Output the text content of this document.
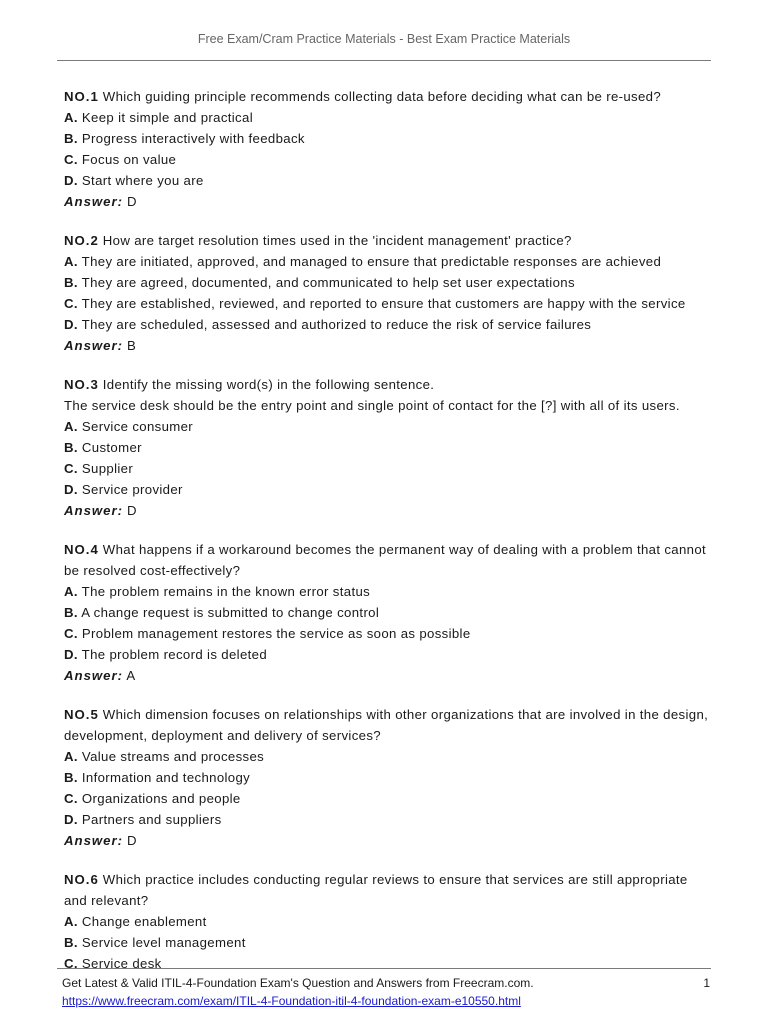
Free Exam/Cram Practice Materials - Best Exam Practice Materials
NO.1 Which guiding principle recommends collecting data before deciding what can be re-used?
A. Keep it simple and practical
B. Progress interactively with feedback
C. Focus on value
D. Start where you are
Answer: D
NO.2 How are target resolution times used in the 'incident management' practice?
A. They are initiated, approved, and managed to ensure that predictable responses are achieved
B. They are agreed, documented, and communicated to help set user expectations
C. They are established, reviewed, and reported to ensure that customers are happy with the service
D. They are scheduled, assessed and authorized to reduce the risk of service failures
Answer: B
NO.3 Identify the missing word(s) in the following sentence.
The service desk should be the entry point and single point of contact for the [?] with all of its users.
A. Service consumer
B. Customer
C. Supplier
D. Service provider
Answer: D
NO.4 What happens if a workaround becomes the permanent way of dealing with a problem that cannot be resolved cost-effectively?
A. The problem remains in the known error status
B. A change request is submitted to change control
C. Problem management restores the service as soon as possible
D. The problem record is deleted
Answer: A
NO.5 Which dimension focuses on relationships with other organizations that are involved in the design, development, deployment and delivery of services?
A. Value streams and processes
B. Information and technology
C. Organizations and people
D. Partners and suppliers
Answer: D
NO.6 Which practice includes conducting regular reviews to ensure that services are still appropriate and relevant?
A. Change enablement
B. Service level management
C. Service desk
Get Latest & Valid ITIL-4-Foundation Exam's Question and Answers from Freecram.com.	1
https://www.freecram.com/exam/ITIL-4-Foundation-itil-4-foundation-exam-e10550.html
